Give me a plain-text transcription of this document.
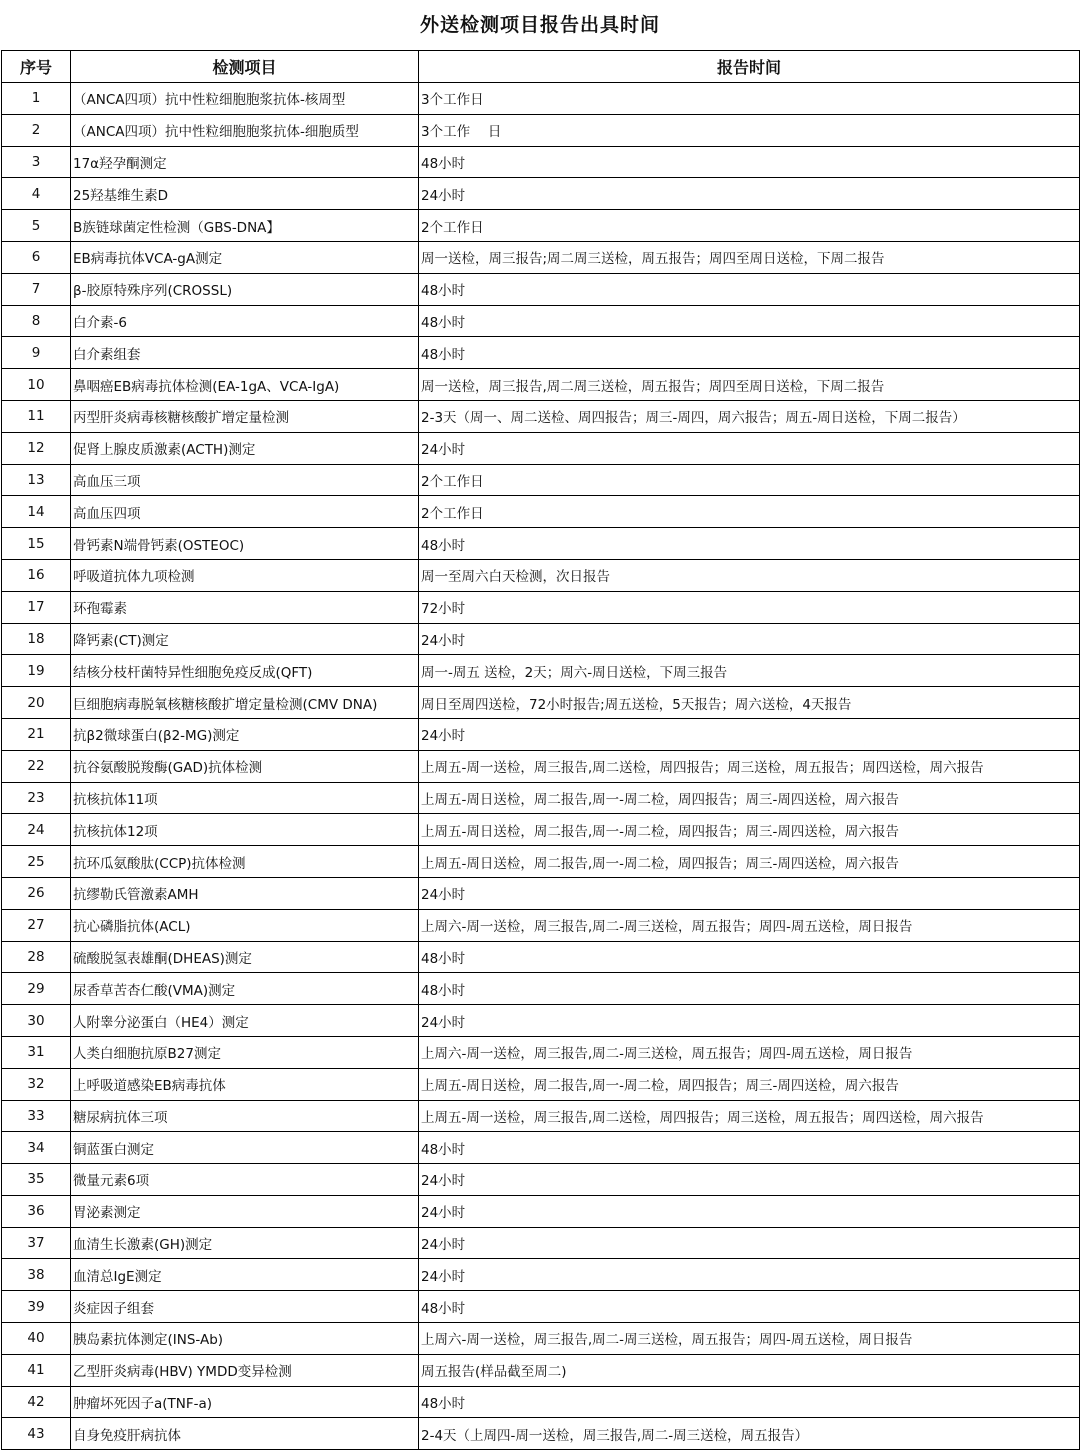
外送检测项目报告出具时间
序号	检测项目	报告时间
1	（ANCA四项）抗中性粒细胞胞浆抗体-核周型	3个工作日
2	（ANCA四项）抗中性粒细胞胞浆抗体-细胞质型	3个工作　 日
3	17α羟孕酮测定	48小时
4	25羟基维生素D	24小时
5	B族链球菌定性检测（GBS-DNA】	2个工作日
6	EB病毒抗体VCA-gA测定	周一送检，周三报告;周二周三送检，周五报告；周四至周日送检，下周二报告
7	β-胶原特殊序列(CROSSL)	48小时
8	白介素-6	48小时
9	白介素组套	48小时
10	鼻咽癌EB病毒抗体检测(EA-1gA、VCA-IgA)	周一送检，周三报告,周二周三送检，周五报告；周四至周日送检，下周二报告
11	丙型肝炎病毒核糖核酸扩增定量检测	2-3天（周一、周二送检、周四报告；周三-周四，周六报告；周五-周日送检，下周二报告）
12	促肾上腺皮质激素(ACTH)测定	24小时
13	高血压三项	2个工作日
14	高血压四项	2个工作日
15	骨钙素N端骨钙素(OSTEOC)	48小时
16	呼吸道抗体九项检测	周一至周六白天检测，次日报告
17	环孢霉素	72小时
18	降钙素(CT)测定	24小时
19	结核分枝杆菌特异性细胞免疫反成(QFT)	周一-周五 送检，2天；周六-周日送检，下周三报告
20	巨细胞病毒脱氧核糖核酸扩增定量检测(CMV DNA)	周日至周四送检，72小时报告;周五送检，5天报告；周六送检，4天报告
21	抗β2微球蛋白(β2-MG)测定	24小时
22	抗谷氨酸脱羧酶(GAD)抗体检测	上周五-周一送检，周三报告,周二送检，周四报告；周三送检，周五报告；周四送检，周六报告
23	抗核抗体11项	上周五-周日送检，周二报告,周一-周二检，周四报告；周三-周四送检，周六报告
24	抗核抗体12项	上周五-周日送检，周二报告,周一-周二检，周四报告；周三-周四送检，周六报告
25	抗环瓜氨酸肽(CCP)抗体检测	上周五-周日送检，周二报告,周一-周二检，周四报告；周三-周四送检，周六报告
26	抗缪勒氏管激素AMH	24小时
27	抗心磷脂抗体(ACL)	上周六-周一送检，周三报告,周二-周三送检，周五报告；周四-周五送检，周日报告
28	硫酸脱氢表雄酮(DHEAS)测定	48小时
29	尿香草苦杏仁酸(VMA)测定	48小时
30	人附睾分泌蛋白（HE4）测定	24小时
31	人类白细胞抗原B27测定	上周六-周一送检，周三报告,周二-周三送检，周五报告；周四-周五送检，周日报告
32	上呼吸道感染EB病毒抗体	上周五-周日送检，周二报告,周一-周二检，周四报告；周三-周四送检，周六报告
33	糖尿病抗体三项	上周五-周一送检，周三报告,周二送检，周四报告；周三送检，周五报告；周四送检，周六报告
34	铜蓝蛋白测定	48小时
35	微量元素6项	24小时
36	胃泌素测定	24小时
37	血清生长激素(GH)测定	24小时
38	血清总IgE测定	24小时
39	炎症因子组套	48小时
40	胰岛素抗体测定(INS-Ab)	上周六-周一送检，周三报告,周二-周三送检，周五报告；周四-周五送检，周日报告
41	乙型肝炎病毒(HBV) YMDD变异检测	周五报告(样品截至周二)
42	肿瘤坏死因子a(TNF-a)	48小时
43	自身免疫肝病抗体	2-4天（上周四-周一送检，周三报告,周二-周三送检，周五报告）
